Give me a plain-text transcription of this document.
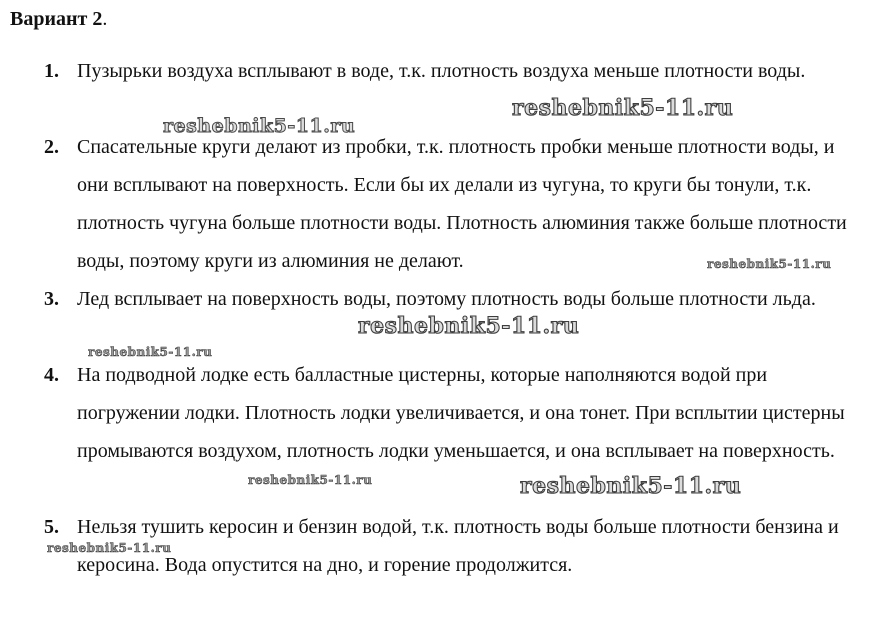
Вариант 2.
1. Пузырьки воздуха всплывают в воде, т.к. плотность воздуха меньше плотности воды.

2. Спасательные круги делают из пробки, т.к. плотность пробки меньше плотности воды, и они всплывают на поверхность. Если бы их делали из чугуна, то круги бы тонули, т.к. плотность чугуна больше плотности воды. Плотность алюминия также больше плотности воды, поэтому круги из алюминия не делают.

3. Лед всплывает на поверхность воды, поэтому плотность воды больше плотности льда.

4. На подводной лодке есть балластные цистерны, которые наполняются водой при погружении лодки. Плотность лодки увеличивается, и она тонет. При всплытии цистерны промываются воздухом, плотность лодки уменьшается, и она всплывает на поверхность.

5. Нельзя тушить керосин и бензин водой, т.к. плотность воды больше плотности бензина и керосина. Вода опустится на дно, и горение продолжится.

reshebnik5-11.ru
reshebnik5-11.ru
reshebnik5-11.ru
reshebnik5-11.ru
reshebnik5-11.ru
reshebnik5-11.ru	reshebnik5-11.ru
reshebnik5-11.ru
